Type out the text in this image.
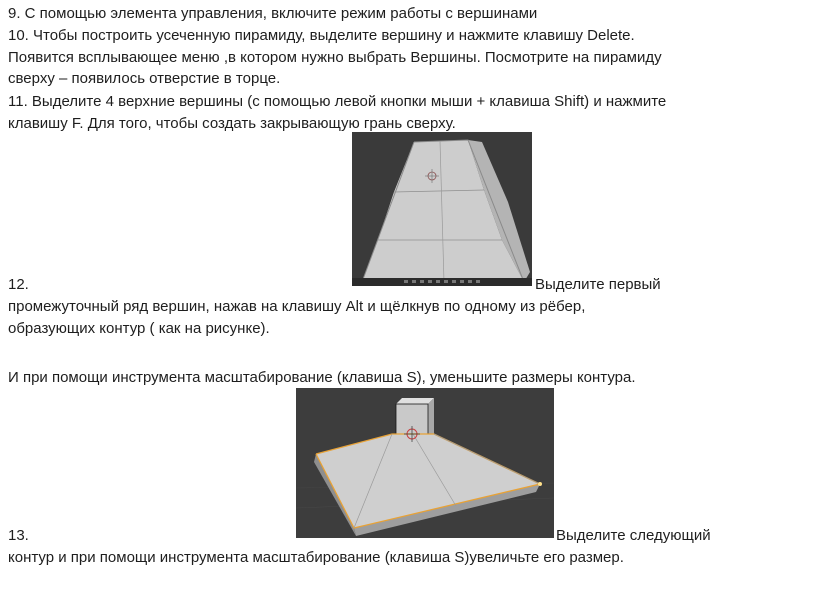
9. С помощью элемента управления, включите режим работы с вершинами
10. Чтобы построить усеченную пирамиду, выделите вершину и нажмите клавишу Delete.
Появится всплывающее меню ,в котором нужно выбрать Вершины. Посмотрите на пирамиду
сверху – появилось отверстие в торце.
11. Выделите 4 верхние вершины (с помощью левой кнопки мыши + клавиша Shift) и нажмите
клавишу F. Для того, чтобы создать закрывающую грань сверху.
12.	Выделите первый
промежуточный ряд вершин, нажав на клавишу Alt и щёлкнув по одному из рёбер,
образующих контур ( как на рисунке).
И при помощи инструмента масштабирование (клавиша S), уменьшите размеры контура.
13.	Выделите следующий
контур и при помощи инструмента масштабирование (клавиша S)увеличьте его размер.
